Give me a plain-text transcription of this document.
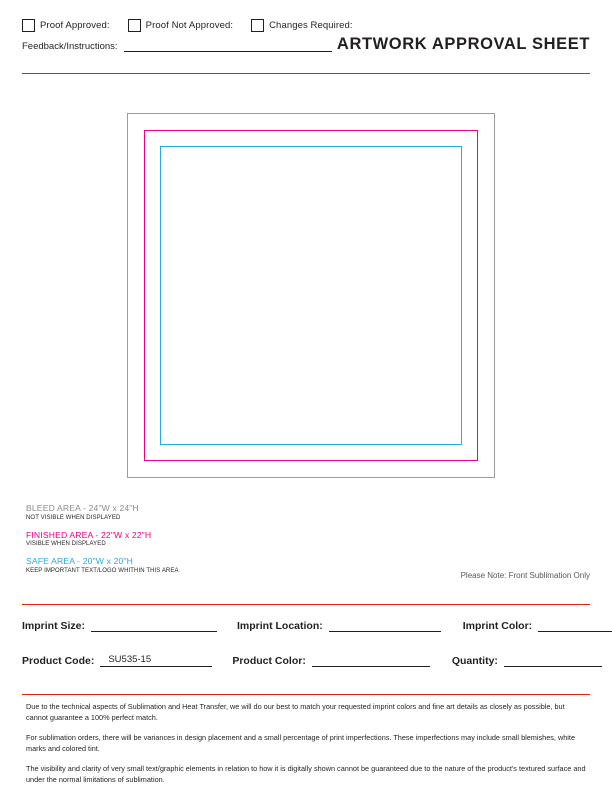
Proof Approved:	Proof Not Approved:	Changes Required:
Feedback/Instructions:	ARTWORK APPROVAL SHEET
BLEED AREA - 24"W x 24"H
NOT VISIBLE WHEN DISPLAYED
FINISHED AREA - 22"W x 22"H
VISIBLE WHEN DISPLAYED
SAFE AREA - 20"W x 20"H
KEEP IMPORTANT TEXT/LOGO WHITHIN THIS AREA
Please Note: Front Sublimation Only
Imprint Size:	Imprint Location:	Imprint Color:
Product Code: SU535-15	Product Color:	Quantity:

Due to the technical aspects of Sublimation and Heat Transfer, we will do our best to match your requested imprint colors and fine art details as closely as possible, but cannot guarantee a 100% perfect match.

For sublimation orders, there will be variances in design placement and a small percentage of print imperfections. These imperfections may include small blemishes, white marks and colored tint.

The visibility and clarity of very small text/graphic elements in relation to how it is digitally shown cannot be guaranteed due to the nature of the product's textured surface and under the normal limitations of sublimation.
